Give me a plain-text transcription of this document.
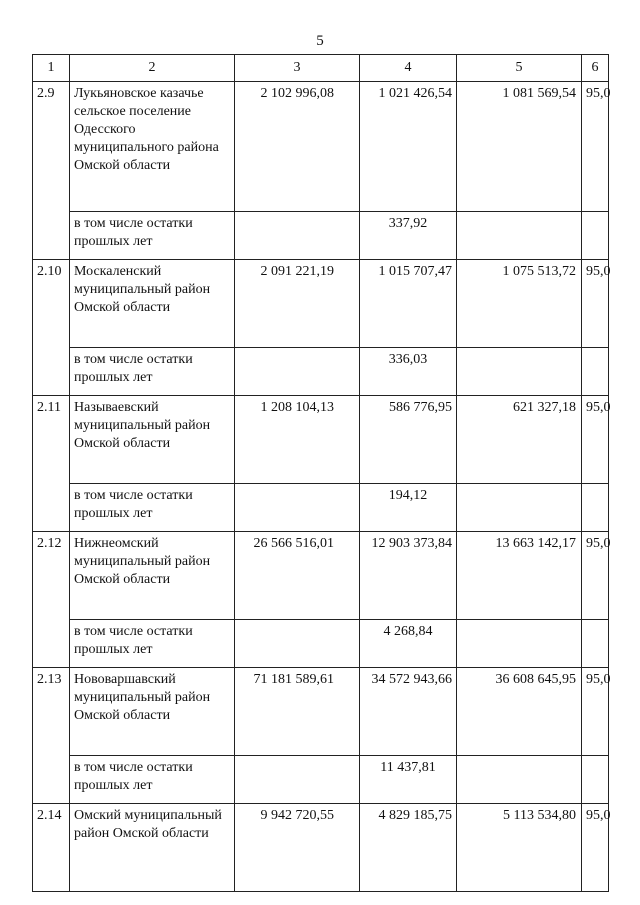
5
1	2	3	4	5	6
2.9	Лукьяновское казачье сельское поселение Одесского муниципального района Омской области	2 102 996,08	1 021 426,54	1 081 569,54	95,0
	в том числе остатки прошлых лет		337,92		
2.10	Москаленский муниципальный район Омской области	2 091 221,19	1 015 707,47	1 075 513,72	95,0
	в том числе остатки прошлых лет		336,03		
2.11	Называевский муниципальный район Омской области	1 208 104,13	586 776,95	621 327,18	95,0
	в том числе остатки прошлых лет		194,12		
2.12	Нижнеомский муниципальный район Омской области	26 566 516,01	12 903 373,84	13 663 142,17	95,0
	в том числе остатки прошлых лет		4 268,84		
2.13	Нововаршавский муниципальный район Омской области	71 181 589,61	34 572 943,66	36 608 645,95	95,0
	в том числе остатки прошлых лет		11 437,81		
2.14	Омский муниципальный район Омской области	9 942 720,55	4 829 185,75	5 113 534,80	95,0
